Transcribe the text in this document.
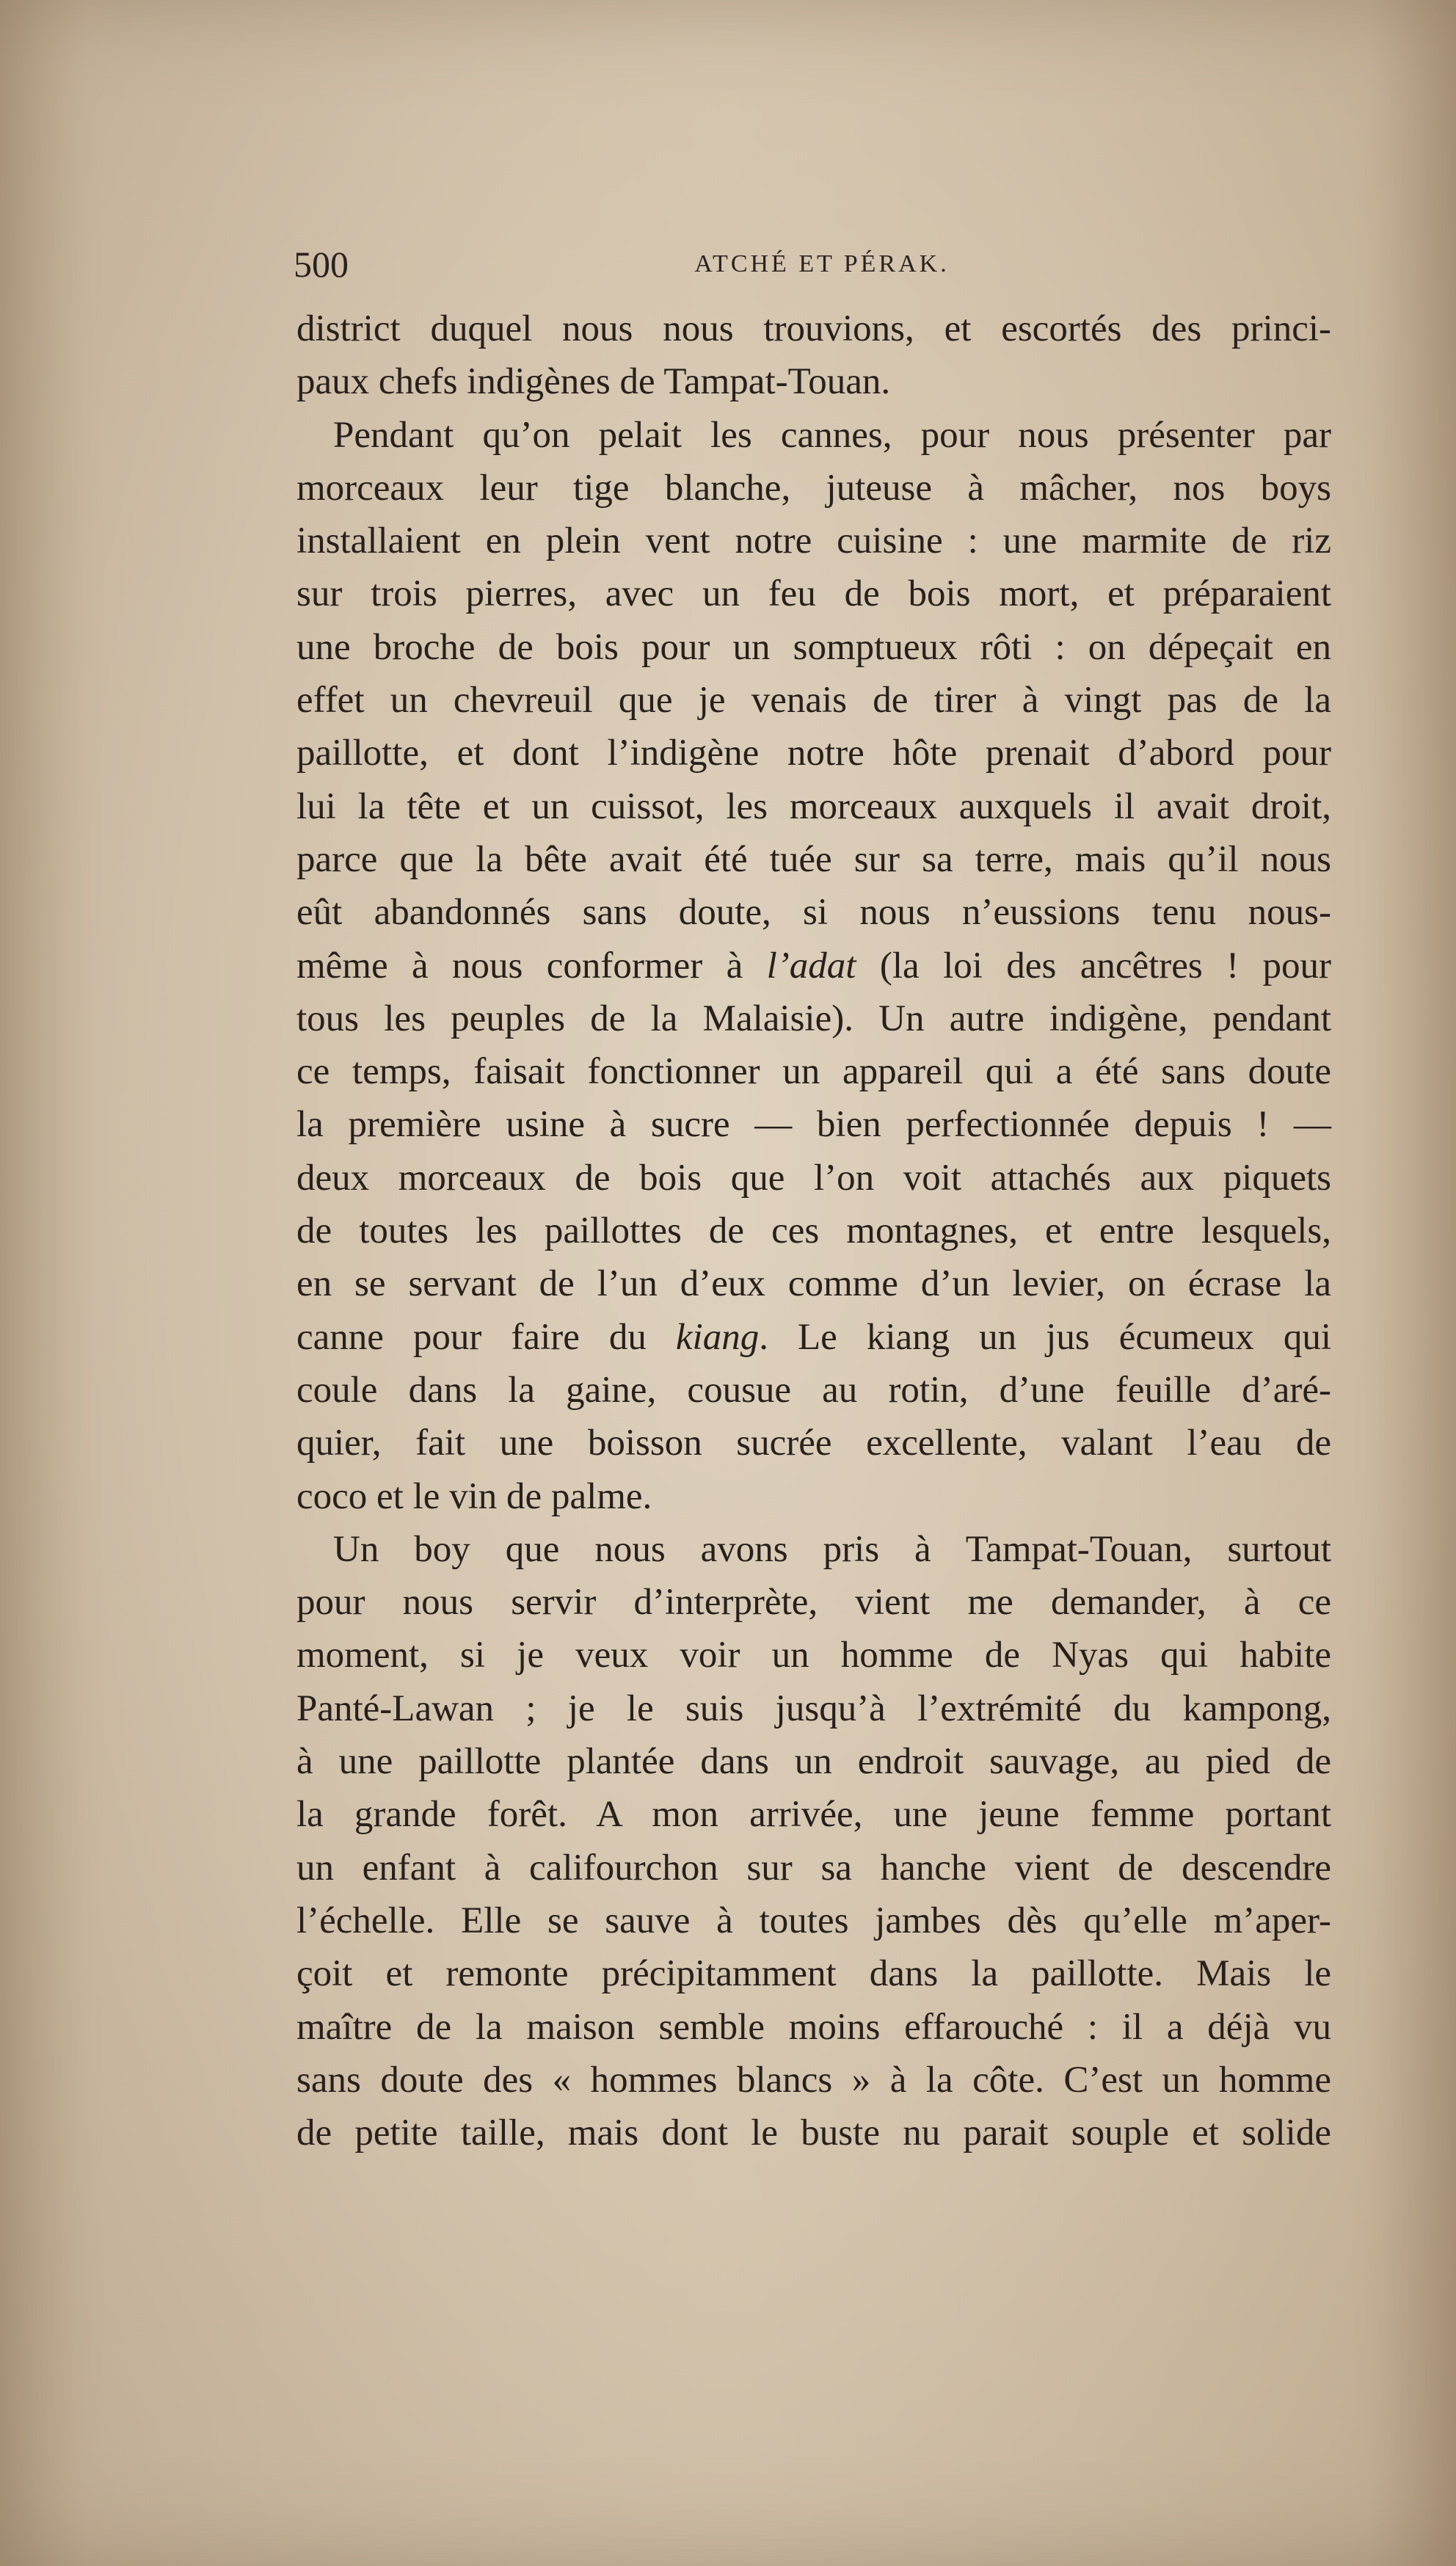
500	ATCHÉ ET PÉRAK.
district duquel nous nous trouvions, et escortés des princi-
paux chefs indigènes de Tampat-Touan.
Pendant qu’on pelait les cannes, pour nous présenter par
morceaux leur tige blanche, juteuse à mâcher, nos boys
installaient en plein vent notre cuisine : une marmite de riz
sur trois pierres, avec un feu de bois mort, et préparaient
une broche de bois pour un somptueux rôti : on dépeçait en
effet un chevreuil que je venais de tirer à vingt pas de la
paillotte, et dont l’indigène notre hôte prenait d’abord pour
lui la tête et un cuissot, les morceaux auxquels il avait droit,
parce que la bête avait été tuée sur sa terre, mais qu’il nous
eût abandonnés sans doute, si nous n’eussions tenu nous-
même à nous conformer à l’adat (la loi des ancêtres ! pour
tous les peuples de la Malaisie). Un autre indigène, pendant
ce temps, faisait fonctionner un appareil qui a été sans doute
la première usine à sucre — bien perfectionnée depuis ! —
deux morceaux de bois que l’on voit attachés aux piquets
de toutes les paillottes de ces montagnes, et entre lesquels,
en se servant de l’un d’eux comme d’un levier, on écrase la
canne pour faire du kiang. Le kiang un jus écumeux qui
coule dans la gaine, cousue au rotin, d’une feuille d’aré-
quier, fait une boisson sucrée excellente, valant l’eau de
coco et le vin de palme.
Un boy que nous avons pris à Tampat-Touan, surtout
pour nous servir d’interprète, vient me demander, à ce
moment, si je veux voir un homme de Nyas qui habite
Panté-Lawan ; je le suis jusqu’à l’extrémité du kampong,
à une paillotte plantée dans un endroit sauvage, au pied de
la grande forêt. A mon arrivée, une jeune femme portant
un enfant à califourchon sur sa hanche vient de descendre
l’échelle. Elle se sauve à toutes jambes dès qu’elle m’aper-
çoit et remonte précipitamment dans la paillotte. Mais le
maître de la maison semble moins effarouché : il a déjà vu
sans doute des « hommes blancs » à la côte. C’est un homme
de petite taille, mais dont le buste nu parait souple et solide
